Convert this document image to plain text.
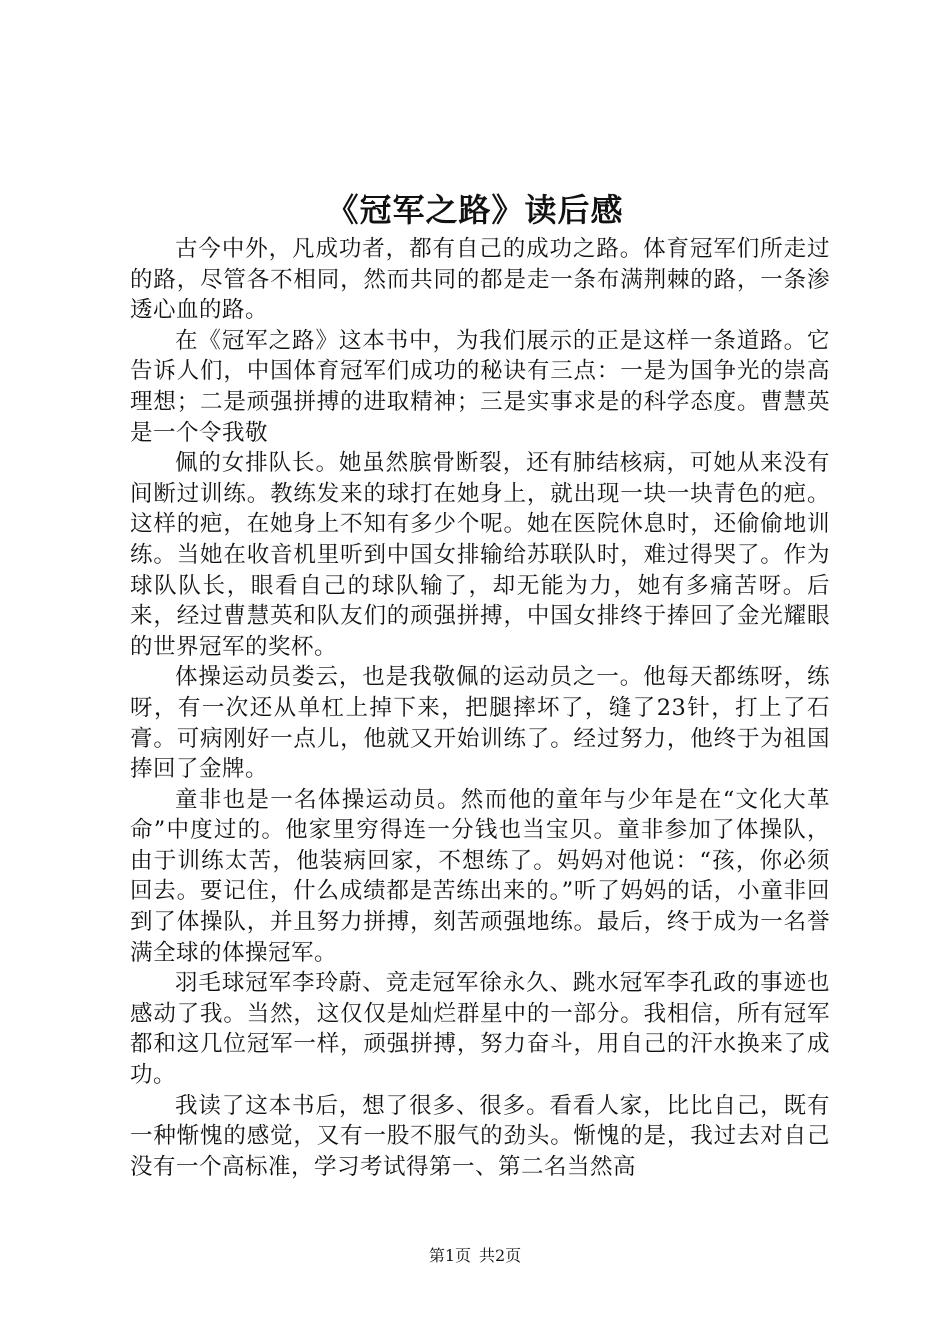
《冠军之路》读后感

古今中外，凡成功者，都有自己的成功之路。体育冠军们所走过的路，尽管各不相同，然而共同的都是走一条布满荆棘的路，一条渗透心血的路。

在《冠军之路》这本书中，为我们展示的正是这样一条道路。它告诉人们，中国体育冠军们成功的秘诀有三点：一是为国争光的崇高理想；二是顽强拼搏的进取精神；三是实事求是的科学态度。曹慧英是一个令我敬

佩的女排队长。她虽然膑骨断裂，还有肺结核病，可她从来没有间断过训练。教练发来的球打在她身上，就出现一块一块青色的疤。这样的疤，在她身上不知有多少个呢。她在医院休息时，还偷偷地训练。当她在收音机里听到中国女排输给苏联队时，难过得哭了。作为球队队长，眼看自己的球队输了，却无能为力，她有多痛苦呀。后来，经过曹慧英和队友们的顽强拼搏，中国女排终于捧回了金光耀眼的世界冠军的奖杯。

体操运动员娄云，也是我敬佩的运动员之一。他每天都练呀，练呀，有一次还从单杠上掉下来，把腿摔坏了，缝了23针，打上了石膏。可病刚好一点儿，他就又开始训练了。经过努力，他终于为祖国捧回了金牌。

童非也是一名体操运动员。然而他的童年与少年是在“文化大革命”中度过的。他家里穷得连一分钱也当宝贝。童非参加了体操队，由于训练太苦，他装病回家，不想练了。妈妈对他说：“孩，你必须回去。要记住，什么成绩都是苦练出来的。”听了妈妈的话，小童非回到了体操队，并且努力拼搏，刻苦顽强地练。最后，终于成为一名誉满全球的体操冠军。

羽毛球冠军李玲蔚、竞走冠军徐永久、跳水冠军李孔政的事迹也感动了我。当然，这仅仅是灿烂群星中的一部分。我相信，所有冠军都和这几位冠军一样，顽强拼搏，努力奋斗，用自己的汗水换来了成功。

我读了这本书后，想了很多、很多。看看人家，比比自己，既有一种惭愧的感觉，又有一股不服气的劲头。惭愧的是，我过去对自己没有一个高标准，学习考试得第一、第二名当然高

第1页 共2页
